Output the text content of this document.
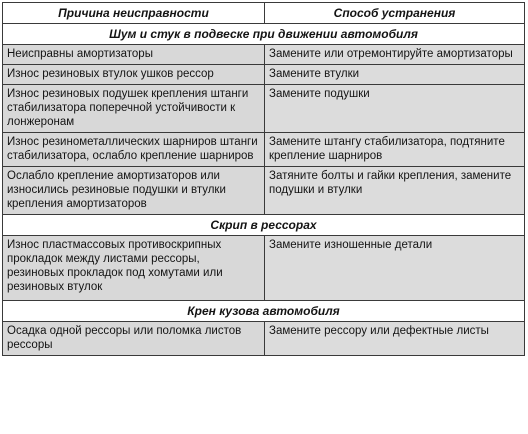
Причина неисправности	Способ устранения
Шум и стук в подвеске при движении автомобиля	
Неисправны амортизаторы	Замените или отремонтируйте амортизаторы
Износ резиновых втулок ушков рессор	Замените втулки
Износ резиновых подушек крепления штанги стабилизатора поперечной устойчивости к лонжеронам	Замените подушки
Износ резинометаллических шарниров штанги стабилизатора, ослабло крепление шарниров	Замените штангу стабилизатора, подтяните крепление шарниров
Ослабло крепление амортизаторов или износились резиновые подушки и втулки крепления амортизаторов	Затяните болты и гайки крепления, замените подушки и втулки
Скрип в рессорах	
Износ пластмассовых противоскрипных прокладок между листами рессоры, резиновых прокладок под хомутами или резиновых втулок	Замените изношенные детали
Крен кузова автомобиля	
Осадка одной рессоры или поломка листов рессоры	Замените рессору или дефектные листы
